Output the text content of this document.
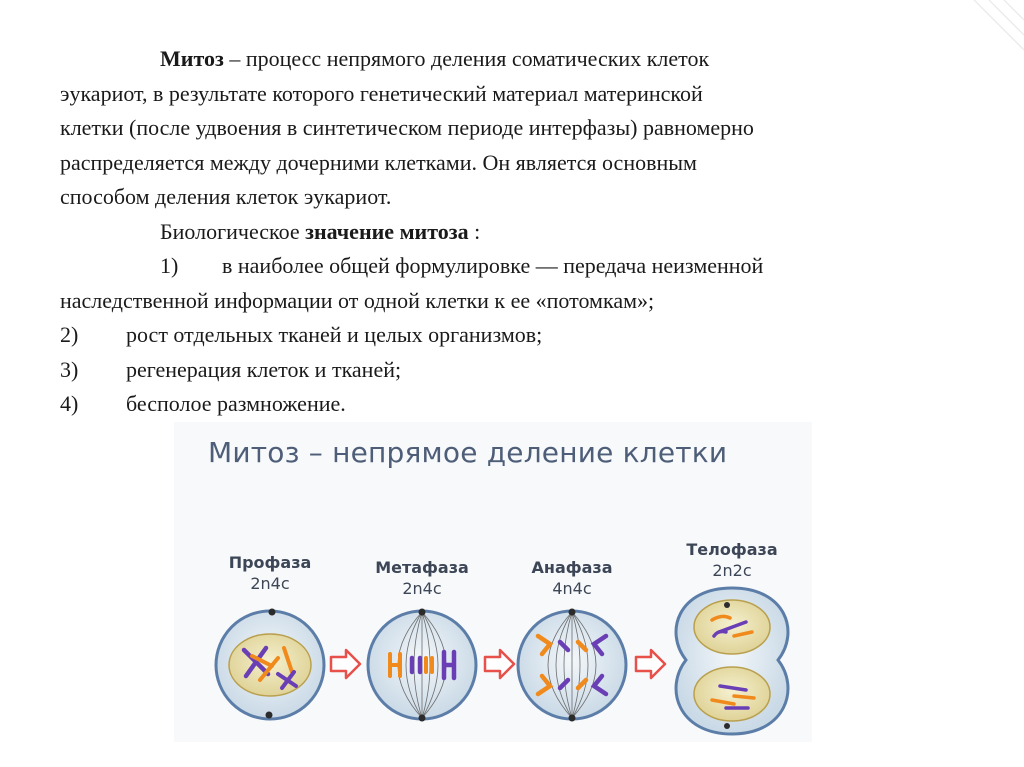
Митоз – процесс непрямого деления соматических клеток

эукариот, в результате которого генетический материал материнской

клетки (после удвоения в синтетическом периоде интерфазы) равномерно

распределяется между дочерними клетками. Он является основным

способом деления клеток эукариот.

Биологическое значение митоза :

1) в наиболее общей формулировке — передача неизменной

наследственной информации от одной клетки к ее «потомкам»;

2) рост отдельных тканей и целых организмов;

3) регенерация клеток и тканей;

4) бесполое размножение.

Митоз – непрямое деление клетки
Профаза
2n4c
Метафаза
2n4c
Анафаза
4n4c
Телофаза
2n2c
